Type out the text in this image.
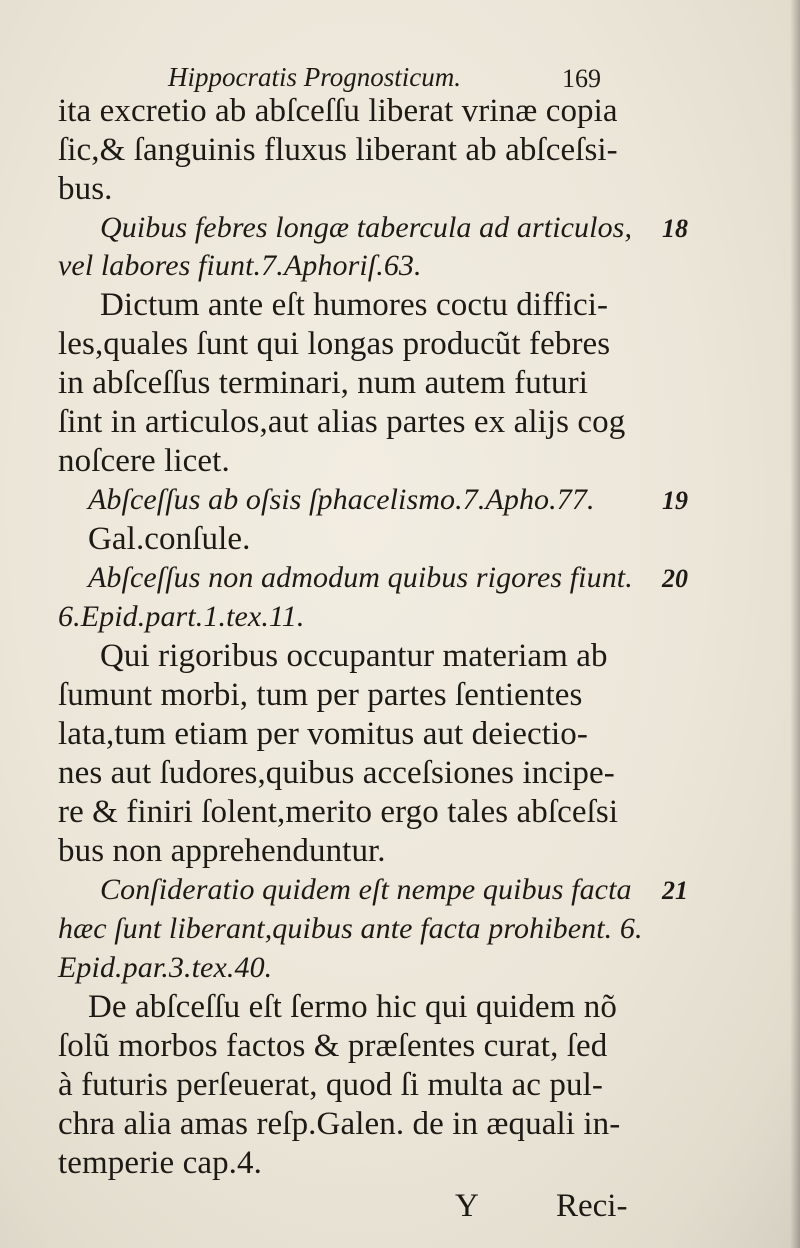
Hippocratis Prognosticum.	169
ita excretio ab abſceſſu liberat vrinæ copia
ſic,& ſanguinis fluxus liberant ab abſceſsi-
bus.
Quibus febres longæ tabercula ad articulos, 18
vel labores fiunt.7.Aphoriſ.63.
Dictum ante eſt humores coctu diffici-
les,quales ſunt qui longas producũt febres
in abſceſſus terminari, num autem futuri
ſint in articulos,aut alias partes ex alijs cog
noſcere licet.
Abſceſſus ab oſsis ſphacelismo.7.Apho.77.	19
Gal.conſule.
Abſceſſus non admodum quibus rigores fiunt. 20
6.Epid.part.1.tex.11.
Qui rigoribus occupantur materiam ab
ſumunt morbi, tum per partes ſentientes
lata,tum etiam per vomitus aut deiectio-
nes aut ſudores,quibus acceſsiones incipe-
re & finiri ſolent,merito ergo tales abſceſsi
bus non apprehenduntur.
Conſideratio quidem eſt nempe quibus facta 21
hæc ſunt liberant,quibus ante facta prohibent. 6.
Epid.par.3.tex.40.
De abſceſſu eſt ſermo hic qui quidem nõ
ſolũ morbos factos & præſentes curat, ſed
à futuris perſeuerat, quod ſi multa ac pul-
chra alia amas reſp.Galen. de in æquali in-
temperie cap.4.
Y Reci-
